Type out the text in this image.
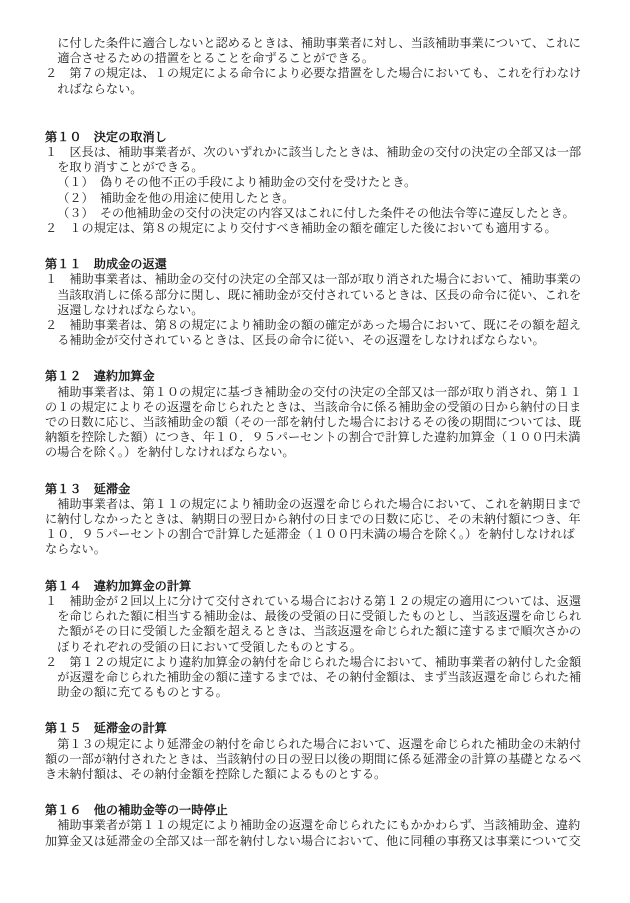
に付した条件に適合しないと認めるときは、補助事業者に対し、当該補助事業について、これに
適合させるための措置をとることを命ずることができる。
２　第７の規定は、１の規定による命令により必要な措置をした場合においても、これを行わなけ
ればならない。
第１０　決定の取消し
１　区長は、補助事業者が、次のいずれかに該当したときは、補助金の交付の決定の全部又は一部
を取り消すことができる。
（１）　偽りその他不正の手段により補助金の交付を受けたとき。
（２）　補助金を他の用途に使用したとき。
（３）　その他補助金の交付の決定の内容又はこれに付した条件その他法令等に違反したとき。
２　１の規定は、第８の規定により交付すべき補助金の額を確定した後においても適用する。
第１１　助成金の返還
１　補助事業者は、補助金の交付の決定の全部又は一部が取り消された場合において、補助事業の
当該取消しに係る部分に関し、既に補助金が交付されているときは、区長の命令に従い、これを
返還しなければならない。
２　補助事業者は、第８の規定により補助金の額の確定があった場合において、既にその額を超え
る補助金が交付されているときは、区長の命令に従い、その返還をしなければならない。
第１２　違約加算金
補助事業者は、第１０の規定に基づき補助金の交付の決定の全部又は一部が取り消され、第１１
の１の規定によりその返還を命じられたときは、当該命令に係る補助金の受領の日から納付の日ま
での日数に応じ、当該補助金の額（その一部を納付した場合におけるその後の期間については、既
納額を控除した額）につき、年１０．９５パーセントの割合で計算した違約加算金（１００円未満
の場合を除く。）を納付しなければならない。
第１３　延滞金
補助事業者は、第１１の規定により補助金の返還を命じられた場合において、これを納期日まで
に納付しなかったときは、納期日の翌日から納付の日までの日数に応じ、その未納付額につき、年
１０．９５パーセントの割合で計算した延滞金（１００円未満の場合を除く。）を納付しなければ
ならない。
第１４　違約加算金の計算
１　補助金が２回以上に分けて交付されている場合における第１２の規定の適用については、返還
を命じられた額に相当する補助金は、最後の受領の日に受領したものとし、当該返還を命じられ
た額がその日に受領した金額を超えるときは、当該返還を命じられた額に達するまで順次さかの
ぼりそれぞれの受領の日において受領したものとする。
２　第１２の規定により違約加算金の納付を命じられた場合において、補助事業者の納付した金額
が返還を命じられた補助金の額に達するまでは、その納付金額は、まず当該返還を命じられた補
助金の額に充てるものとする。
第１５　延滞金の計算
第１３の規定により延滞金の納付を命じられた場合において、返還を命じられた補助金の未納付
額の一部が納付されたときは、当該納付の日の翌日以後の期間に係る延滞金の計算の基礎となるべ
き未納付額は、その納付金額を控除した額によるものとする。
第１６　他の補助金等の一時停止
補助事業者が第１１の規定により補助金の返還を命じられたにもかかわらず、当該補助金、違約
加算金又は延滞金の全部又は一部を納付しない場合において、他に同種の事務又は事業について交
